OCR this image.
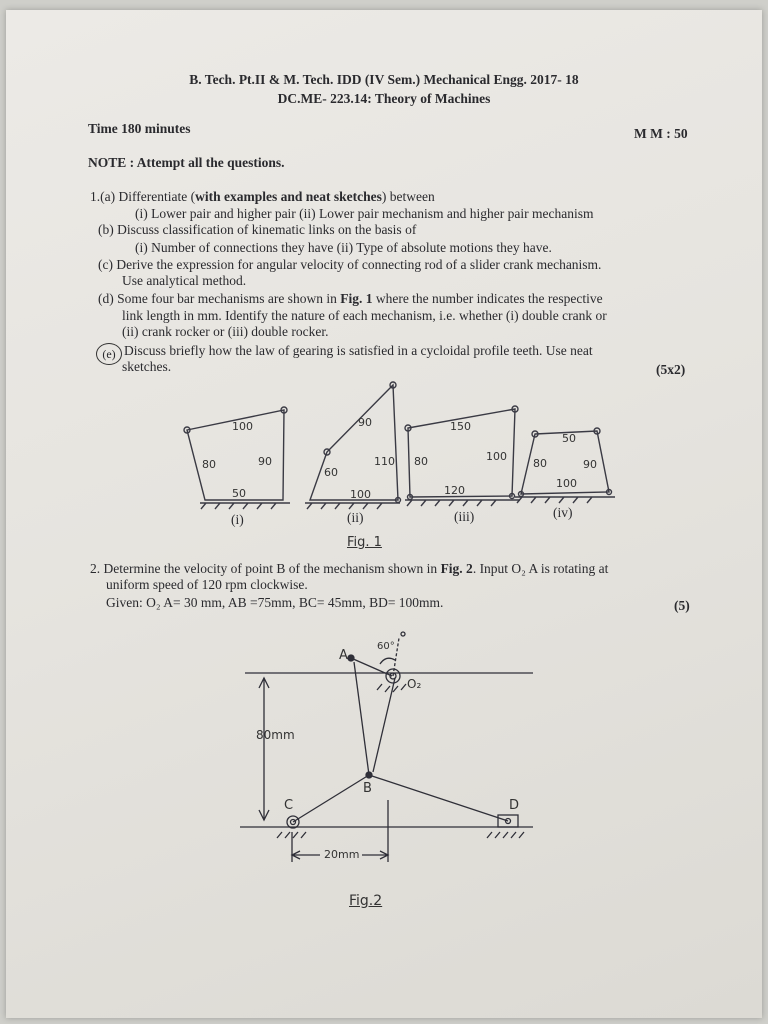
B. Tech. Pt.II & M. Tech. IDD (IV Sem.) Mechanical Engg. 2017- 18
DC.ME- 223.14: Theory of Machines
Time 180 minutes	M M : 50
NOTE : Attempt all the questions.
1.(a) Differentiate (with examples and neat sketches) between
(i) Lower pair and higher pair (ii) Lower pair mechanism and higher pair mechanism
(b) Discuss classification of kinematic links on the basis of
(i) Number of connections they have (ii) Type of absolute motions they have.
(c) Derive the expression for angular velocity of connecting rod of a slider crank mechanism.
Use analytical method.
(d) Some four bar mechanisms are shown in Fig. 1 where the number indicates the respective
link length in mm. Identify the nature of each mechanism, i.e. whether (i) double crank or
(ii) crank rocker or (iii) double rocker.
(e) Discuss briefly how the law of gearing is satisfied in a cycloidal profile teeth. Use neat
sketches.	(5x2)
100
80	90
50
(i)
90
60
110
100
(ii)
150
80	100
120
(iii)
50
80	90
100
(iv)
Fig. 1
2. Determine the velocity of point B of the mechanism shown in Fig. 2. Input O₂ A is rotating at
uniform speed of 120 rpm clockwise.
Given: O₂ A= 30 mm, AB =75mm, BC= 45mm, BD= 100mm.	(5)
A
60°
O₂
B
C	D
80mm
20mm
Fig.2
